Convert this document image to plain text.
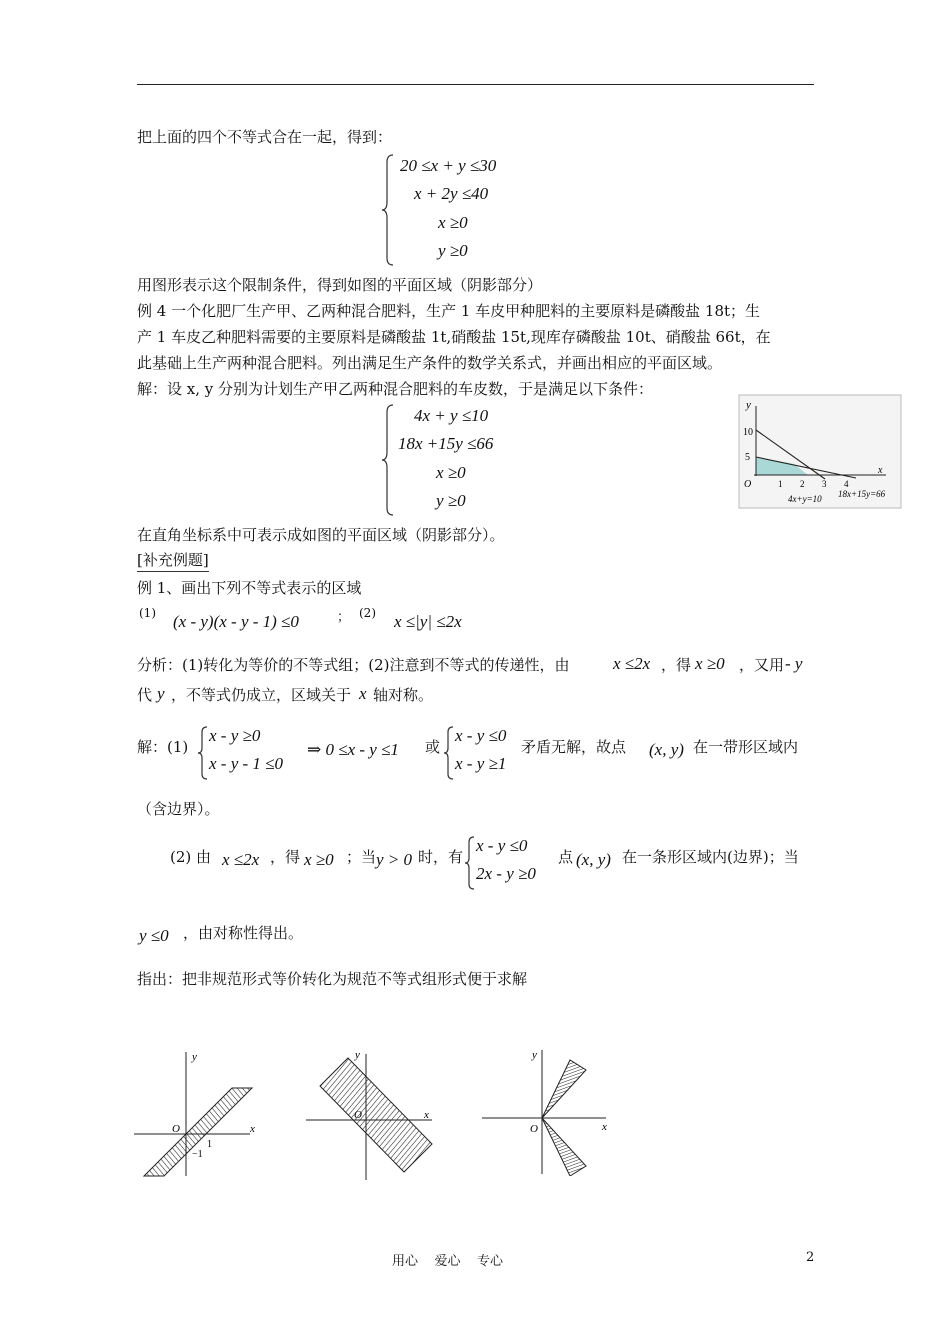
把上面的四个不等式合在一起，得到：
20 ≤x + y ≤30
x + 2y ≤40
x ≥0
y ≥0
用图形表示这个限制条件，得到如图的平面区域（阴影部分）
例 4 一个化肥厂生产甲、乙两种混合肥料，生产 1 车皮甲种肥料的主要原料是磷酸盐 18t；生
产 1 车皮乙种肥料需要的主要原料是磷酸盐 1t,硝酸盐 15t,现库存磷酸盐 10t、硝酸盐 66t，在
此基础上生产两种混合肥料。列出满足生产条件的数学关系式，并画出相应的平面区域。
解：设 x, y 分别为计划生产甲乙两种混合肥料的车皮数，于是满足以下条件：
4x + y ≤10
18x +15y ≤66
x ≥0
y ≥0
y
x
10
5
O	1 2 3 4
4x+y=10 18x+15y=66
在直角坐标系中可表示成如图的平面区域（阴影部分）。
[补充例题]
例 1、画出下列不等式表示的区域
(1) (x - y)(x - y - 1) ≤0	； (2) x ≤|y| ≤2x
分析：(1)转化为等价的不等式组；(2)注意到不等式的传递性，由	x ≤2x ，得 x ≥0 ，又用 - y
代 y ，不等式仍成立，区域关于 x 轴对称。
解：(1)
x - y ≥0
x - y - 1 ≤0
⇒ 0 ≤x - y ≤1 或
x - y ≤0
x - y ≥1
矛盾无解，故点 (x, y) 在一带形区域内
（含边界）。
(2) 由 x ≤2x ，得 x ≥0 ；当 y > 0 时，有
x - y ≤0
2x - y ≥0
点 (x, y) 在一条形区域内(边界)；当
y ≤0 ，由对称性得出。
指出：把非规范形式等价转化为规范不等式组形式便于求解
y
x
O
1
−1
y
x
O
y
x
O
用心    爱心    专心	2
